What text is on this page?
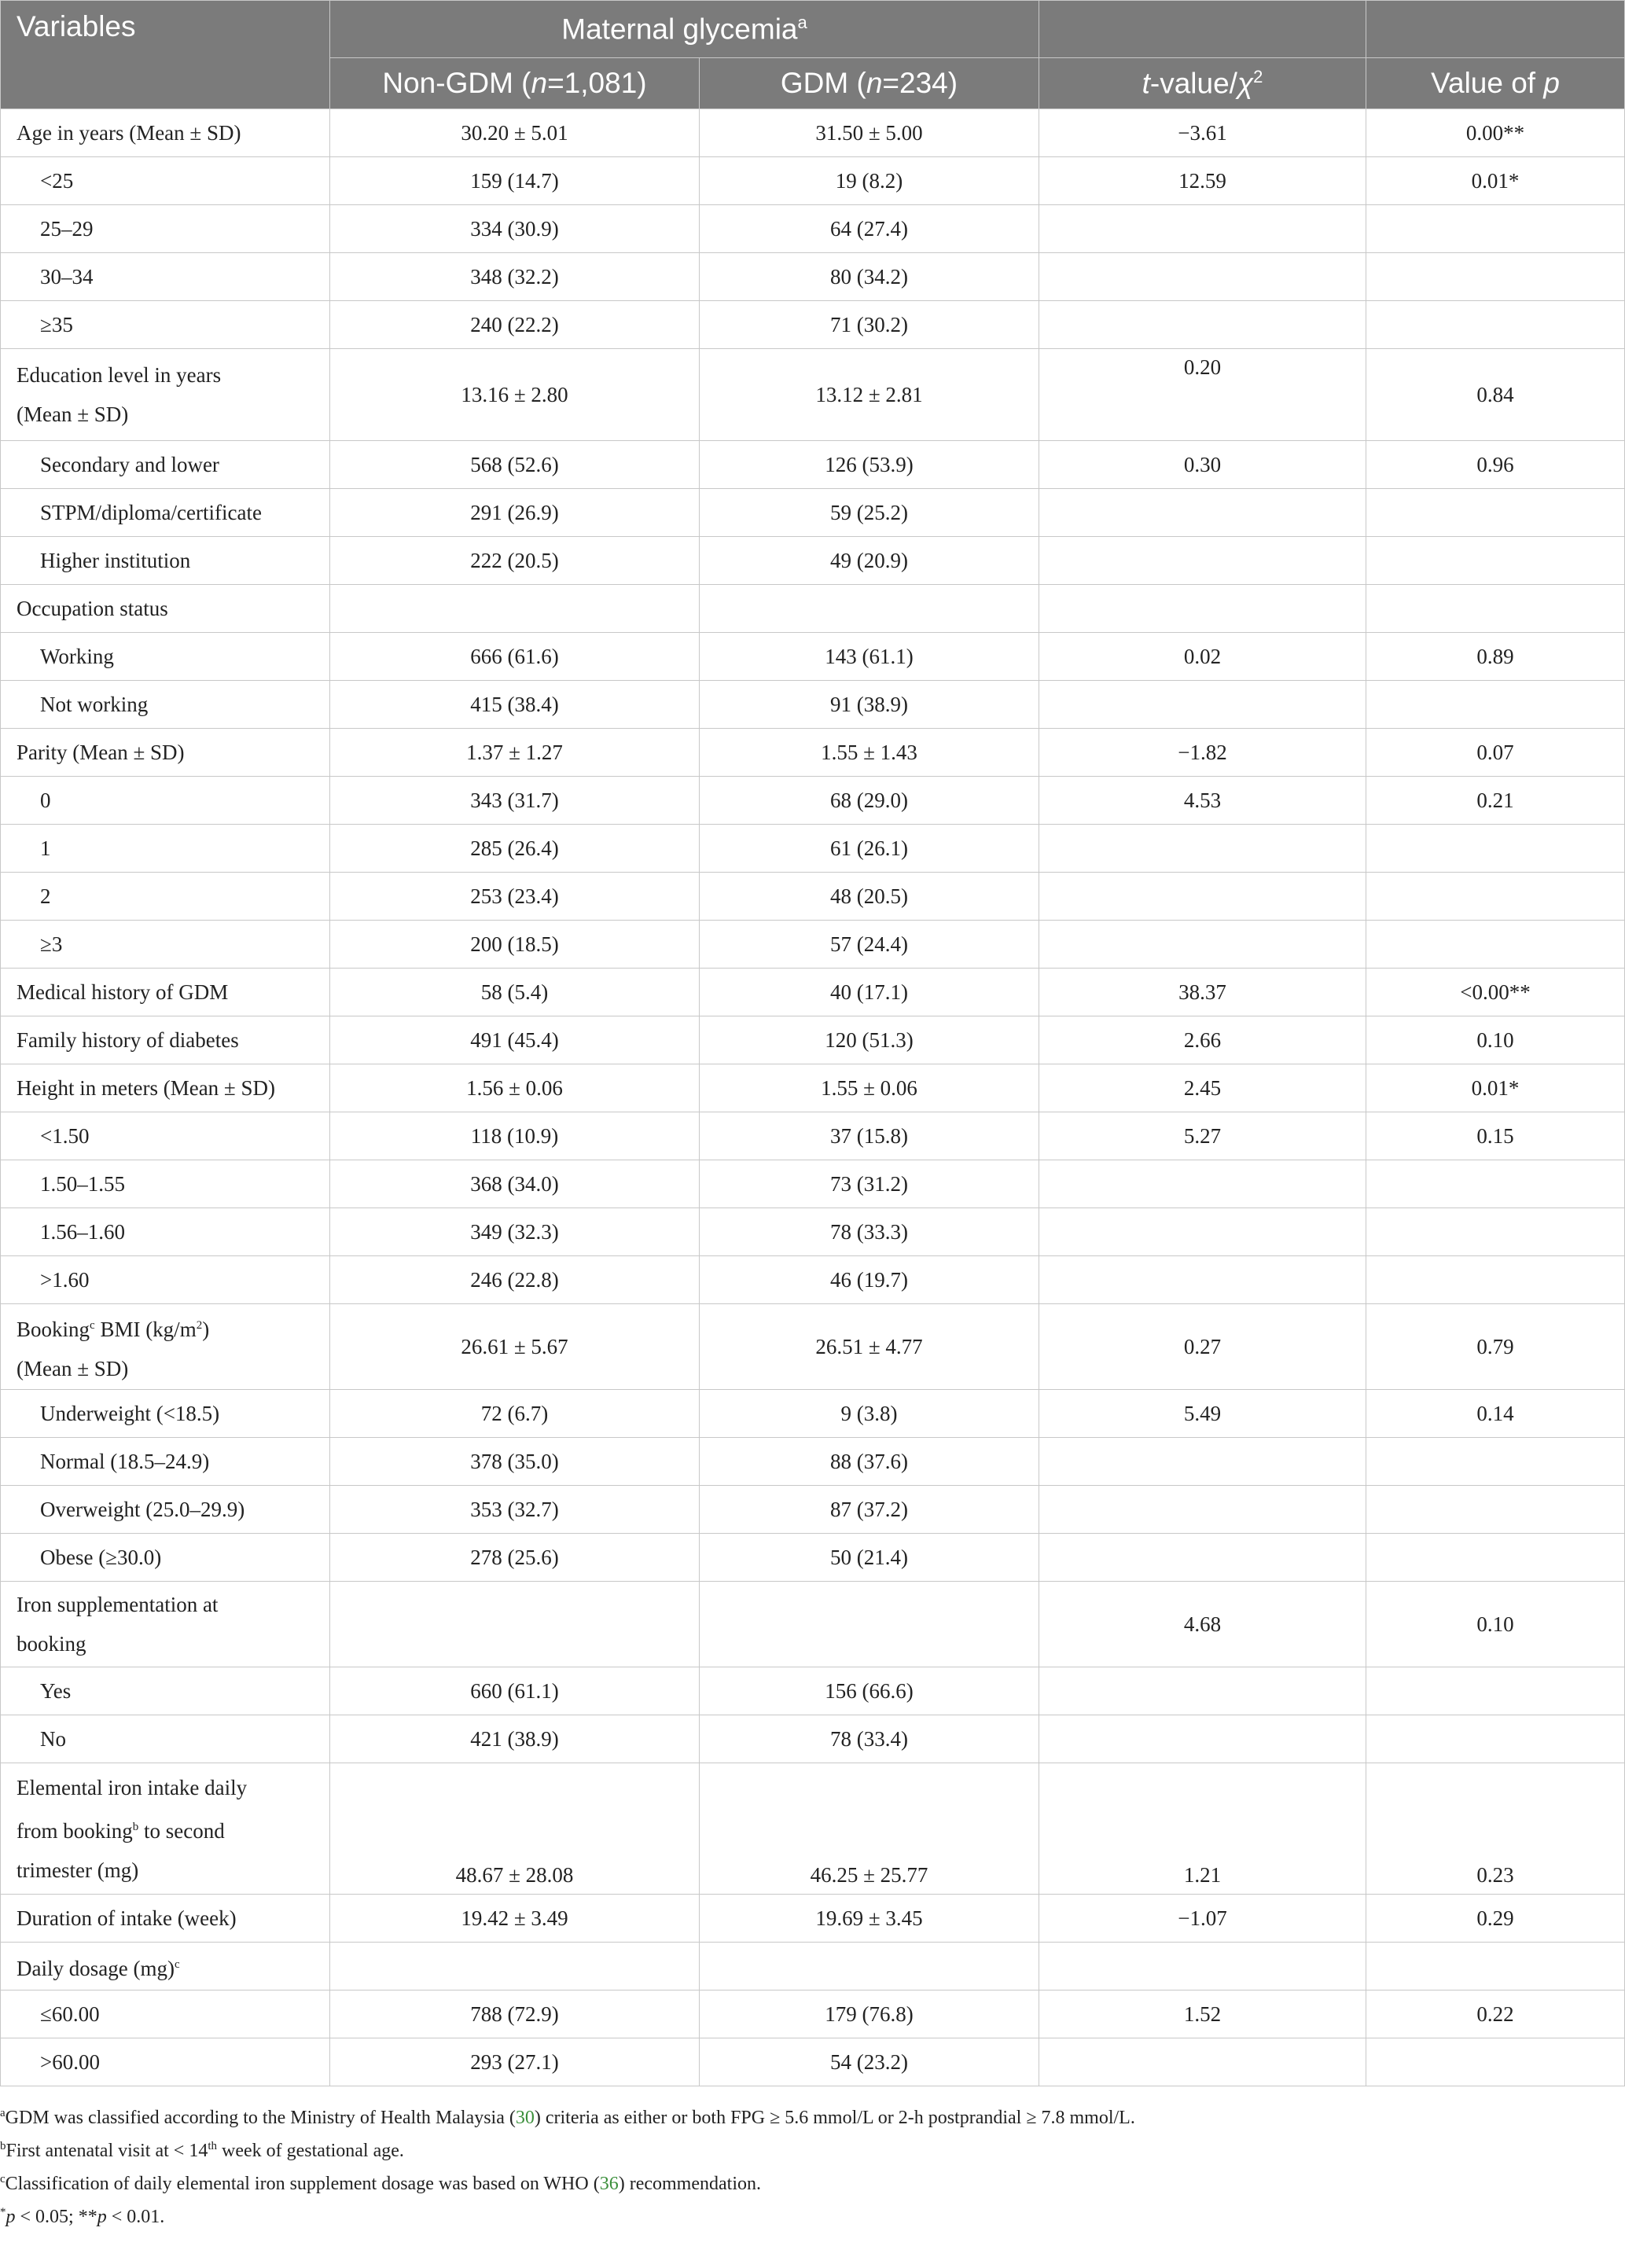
Variables	Maternal glycemia$^a$		
	Non-GDM (n=1,081)	GDM (n=234)	$t-value/\chi^2$	Value of p
Age in years (Mean ± SD)	30.20 ± 5.01	31.50 ± 5.00	−3.61	0.00**
<25	159 (14.7)	19 (8.2)	12.59	0.01*
25–29	334 (30.9)	64 (27.4)		
30–34	348 (32.2)	80 (34.2)		
≥35	240 (22.2)	71 (30.2)		
Education level in years
(Mean ± SD)	13.16 ± 2.80	13.12 ± 2.81	0.20	0.84
Secondary and lower	568 (52.6)	126 (53.9)	0.30	0.96
STPM/diploma/certificate	291 (26.9)	59 (25.2)		
Higher institution	222 (20.5)	49 (20.9)		
Occupation status				
Working	666 (61.6)	143 (61.1)	0.02	0.89
Not working	415 (38.4)	91 (38.9)		
Parity (Mean ± SD)	1.37 ± 1.27	1.55 ± 1.43	−1.82	0.07
0	343 (31.7)	68 (29.0)	4.53	0.21
1	285 (26.4)	61 (26.1)		
2	253 (23.4)	48 (20.5)		
≥3	200 (18.5)	57 (24.4)		
Medical history of GDM	58 (5.4)	40 (17.1)	38.37	<0.00**
Family history of diabetes	491 (45.4)	120 (51.3)	2.66	0.10
Height in meters (Mean ± SD)	1.56 ± 0.06	1.55 ± 0.06	2.45	0.01*
<1.50	118 (10.9)	37 (15.8)	5.27	0.15
1.50–1.55	368 (34.0)	73 (31.2)		
1.56–1.60	349 (32.3)	78 (33.3)		
>1.60	246 (22.8)	46 (19.7)		
Booking$^c$ BMI (kg/m$^2$)
(Mean ± SD)	26.61 ± 5.67	26.51 ± 4.77	0.27	0.79
Underweight (<18.5)	72 (6.7)	9 (3.8)	5.49	0.14
Normal (18.5–24.9)	378 (35.0)	88 (37.6)		
Overweight (25.0–29.9)	353 (32.7)	87 (37.2)		
Obese (≥30.0)	278 (25.6)	50 (21.4)		
Iron supplementation at
booking			4.68	0.10
Yes	660 (61.1)	156 (66.6)		
No	421 (38.9)	78 (33.4)		
Elemental iron intake daily
from booking$^b$ to second
trimester (mg)	48.67 ± 28.08	46.25 ± 25.77	1.21	0.23
Duration of intake (week)	19.42 ± 3.49	19.69 ± 3.45	−1.07	0.29
Daily dosage (mg)$^c$				
≤60.00	788 (72.9)	179 (76.8)	1.52	0.22
>60.00	293 (27.1)	54 (23.2)		

$^a$GDM was classified according to the Ministry of Health Malaysia (30) criteria as either or both FPG ≥ 5.6 mmol/L or 2-h postprandial ≥ 7.8 mmol/L.

$^b$First antenatal visit at < 14th week of gestational age.

$^c$Classification of daily elemental iron supplement dosage was based on WHO (36) recommendation.

*p < 0.05; **p < 0.01.
